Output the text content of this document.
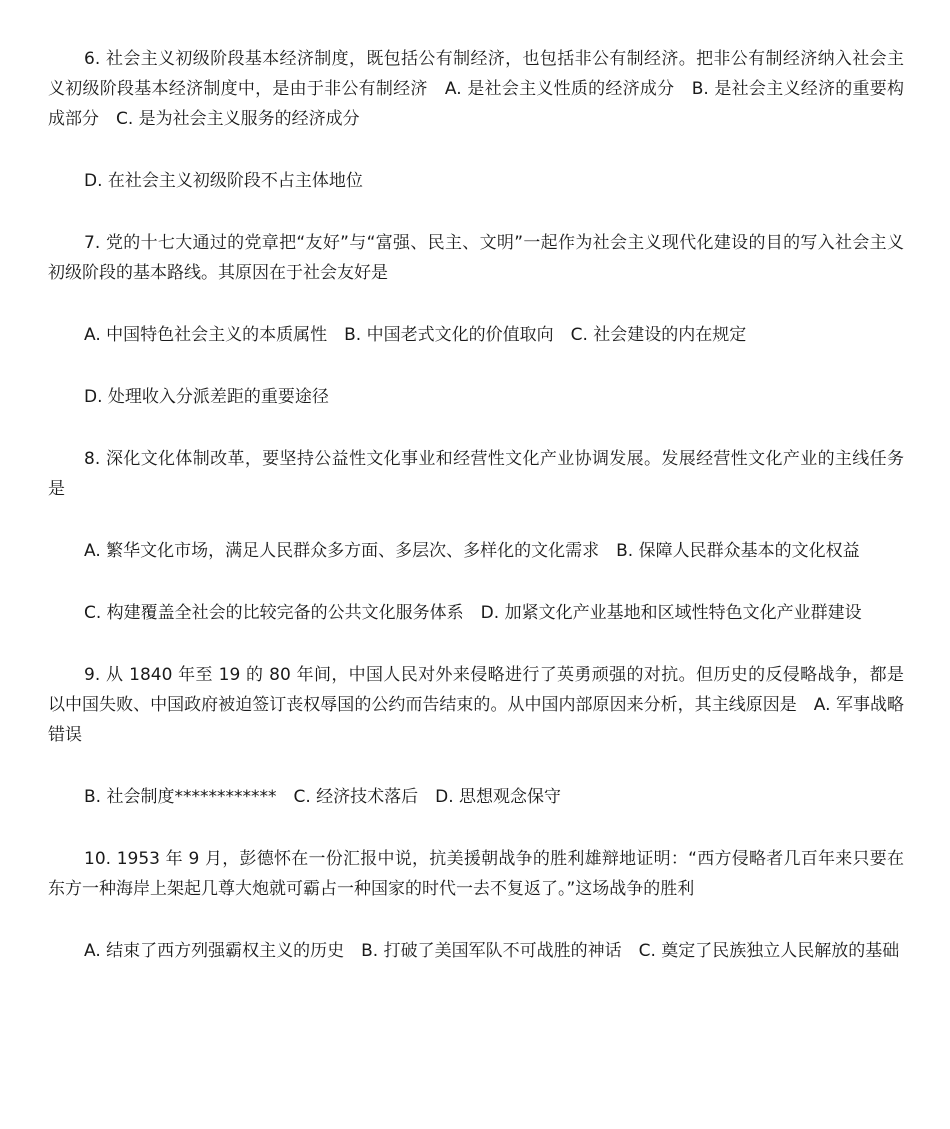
6. 社会主义初级阶段基本经济制度，既包括公有制经济，也包括非公有制经济。把非公有制经济纳入社会主义初级阶段基本经济制度中，是由于非公有制经济　A. 是社会主义性质的经济成分　B. 是社会主义经济的重要构成部分　C. 是为社会主义服务的经济成分

D. 在社会主义初级阶段不占主体地位

7. 党的十七大通过的党章把“友好”与“富强、民主、文明”一起作为社会主义现代化建设的目的写入社会主义初级阶段的基本路线。其原因在于社会友好是

A. 中国特色社会主义的本质属性　B. 中国老式文化的价值取向　C. 社会建设的内在规定

D. 处理收入分派差距的重要途径

8. 深化文化体制改革，要坚持公益性文化事业和经营性文化产业协调发展。发展经营性文化产业的主线任务是

A. 繁华文化市场，满足人民群众多方面、多层次、多样化的文化需求　B. 保障人民群众基本的文化权益

C. 构建覆盖全社会的比较完备的公共文化服务体系　D. 加紧文化产业基地和区域性特色文化产业群建设

9. 从 1840 年至 19 的 80 年间，中国人民对外来侵略进行了英勇顽强的对抗。但历史的反侵略战争，都是以中国失败、中国政府被迫签订丧权辱国的公约而告结束的。从中国内部原因来分析，其主线原因是　A. 军事战略错误

B. 社会制度************　C. 经济技术落后　D. 思想观念保守

10. 1953 年 9 月，彭德怀在一份汇报中说，抗美援朝战争的胜利雄辩地证明：“西方侵略者几百年来只要在东方一种海岸上架起几尊大炮就可霸占一种国家的时代一去不复返了。”这场战争的胜利

A. 结束了西方列强霸权主义的历史　B. 打破了美国军队不可战胜的神话　C. 奠定了民族独立人民解放的基础
